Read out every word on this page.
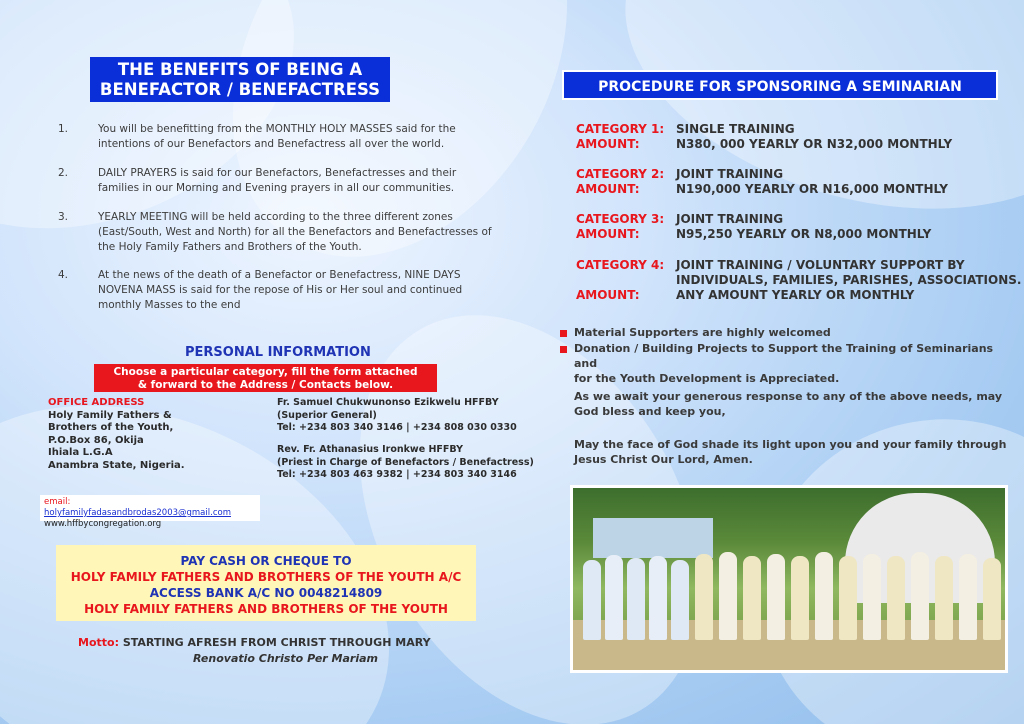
THE BENEFITS OF BEING A
BENEFACTOR / BENEFACTRESS
1.	You will be benefitting from the MONTHLY HOLY MASSES said for the intentions of our Benefactors and Benefactress all over the world.
2.	DAILY PRAYERS is said for our Benefactors, Benefactresses and their families in our Morning and Evening prayers in all our communities.
3.	YEARLY MEETING will be held according to the three different zones (East/South, West and North) for all the Benefactors and Benefactresses of the Holy Family Fathers and Brothers of the Youth.
4.	At the news of the death of a Benefactor or Benefactress, NINE DAYS NOVENA MASS is said for the repose of His or Her soul and continued monthly Masses to the end
PERSONAL INFORMATION
Choose a particular category, fill the form attached
& forward to the Address / Contacts below.
OFFICE ADDRESS
Holy Family Fathers &
Brothers of the Youth,
P.O.Box 86, Okija
Ihiala L.G.A
Anambra State, Nigeria.
Fr. Samuel Chukwunonso Ezikwelu HFFBY
(Superior General)
Tel: +234 803 340 3146 | +234 808 030 0330
Rev. Fr. Athanasius Ironkwe HFFBY
(Priest in Charge of Benefactors / Benefactress)
Tel: +234 803 463 9382 | +234 803 340 3146
email: holyfamilyfadasandbrodas2003@gmail.com
www.hffbycongregation.org
PAY CASH OR CHEQUE TO
HOLY FAMILY FATHERS AND BROTHERS OF THE YOUTH A/C
ACCESS BANK A/C NO 0048214809
HOLY FAMILY FATHERS AND BROTHERS OF THE YOUTH
Motto: STARTING AFRESH FROM CHRIST THROUGH MARY
Renovatio Christo Per Mariam
PROCEDURE FOR SPONSORING A SEMINARIAN
CATEGORY 1: SINGLE TRAINING
AMOUNT:	N380, 000 YEARLY OR N32,000 MONTHLY
CATEGORY 2: JOINT TRAINING
AMOUNT:	N190,000 YEARLY OR N16,000 MONTHLY
CATEGORY 3: JOINT TRAINING
AMOUNT:	N95,250 YEARLY OR N8,000 MONTHLY
CATEGORY 4: JOINT TRAINING / VOLUNTARY SUPPORT BY
INDIVIDUALS, FAMILIES, PARISHES, ASSOCIATIONS.
AMOUNT:	ANY AMOUNT YEARLY OR MONTHLY
Material Supporters are highly welcomed
Donation / Building Projects to Support the Training of Seminarians and
for the Youth Development is Appreciated.
As we await your generous response to any of the above needs, may
God bless and keep you,
May the face of God shade its light upon you and your family through
Jesus Christ Our Lord, Amen.
